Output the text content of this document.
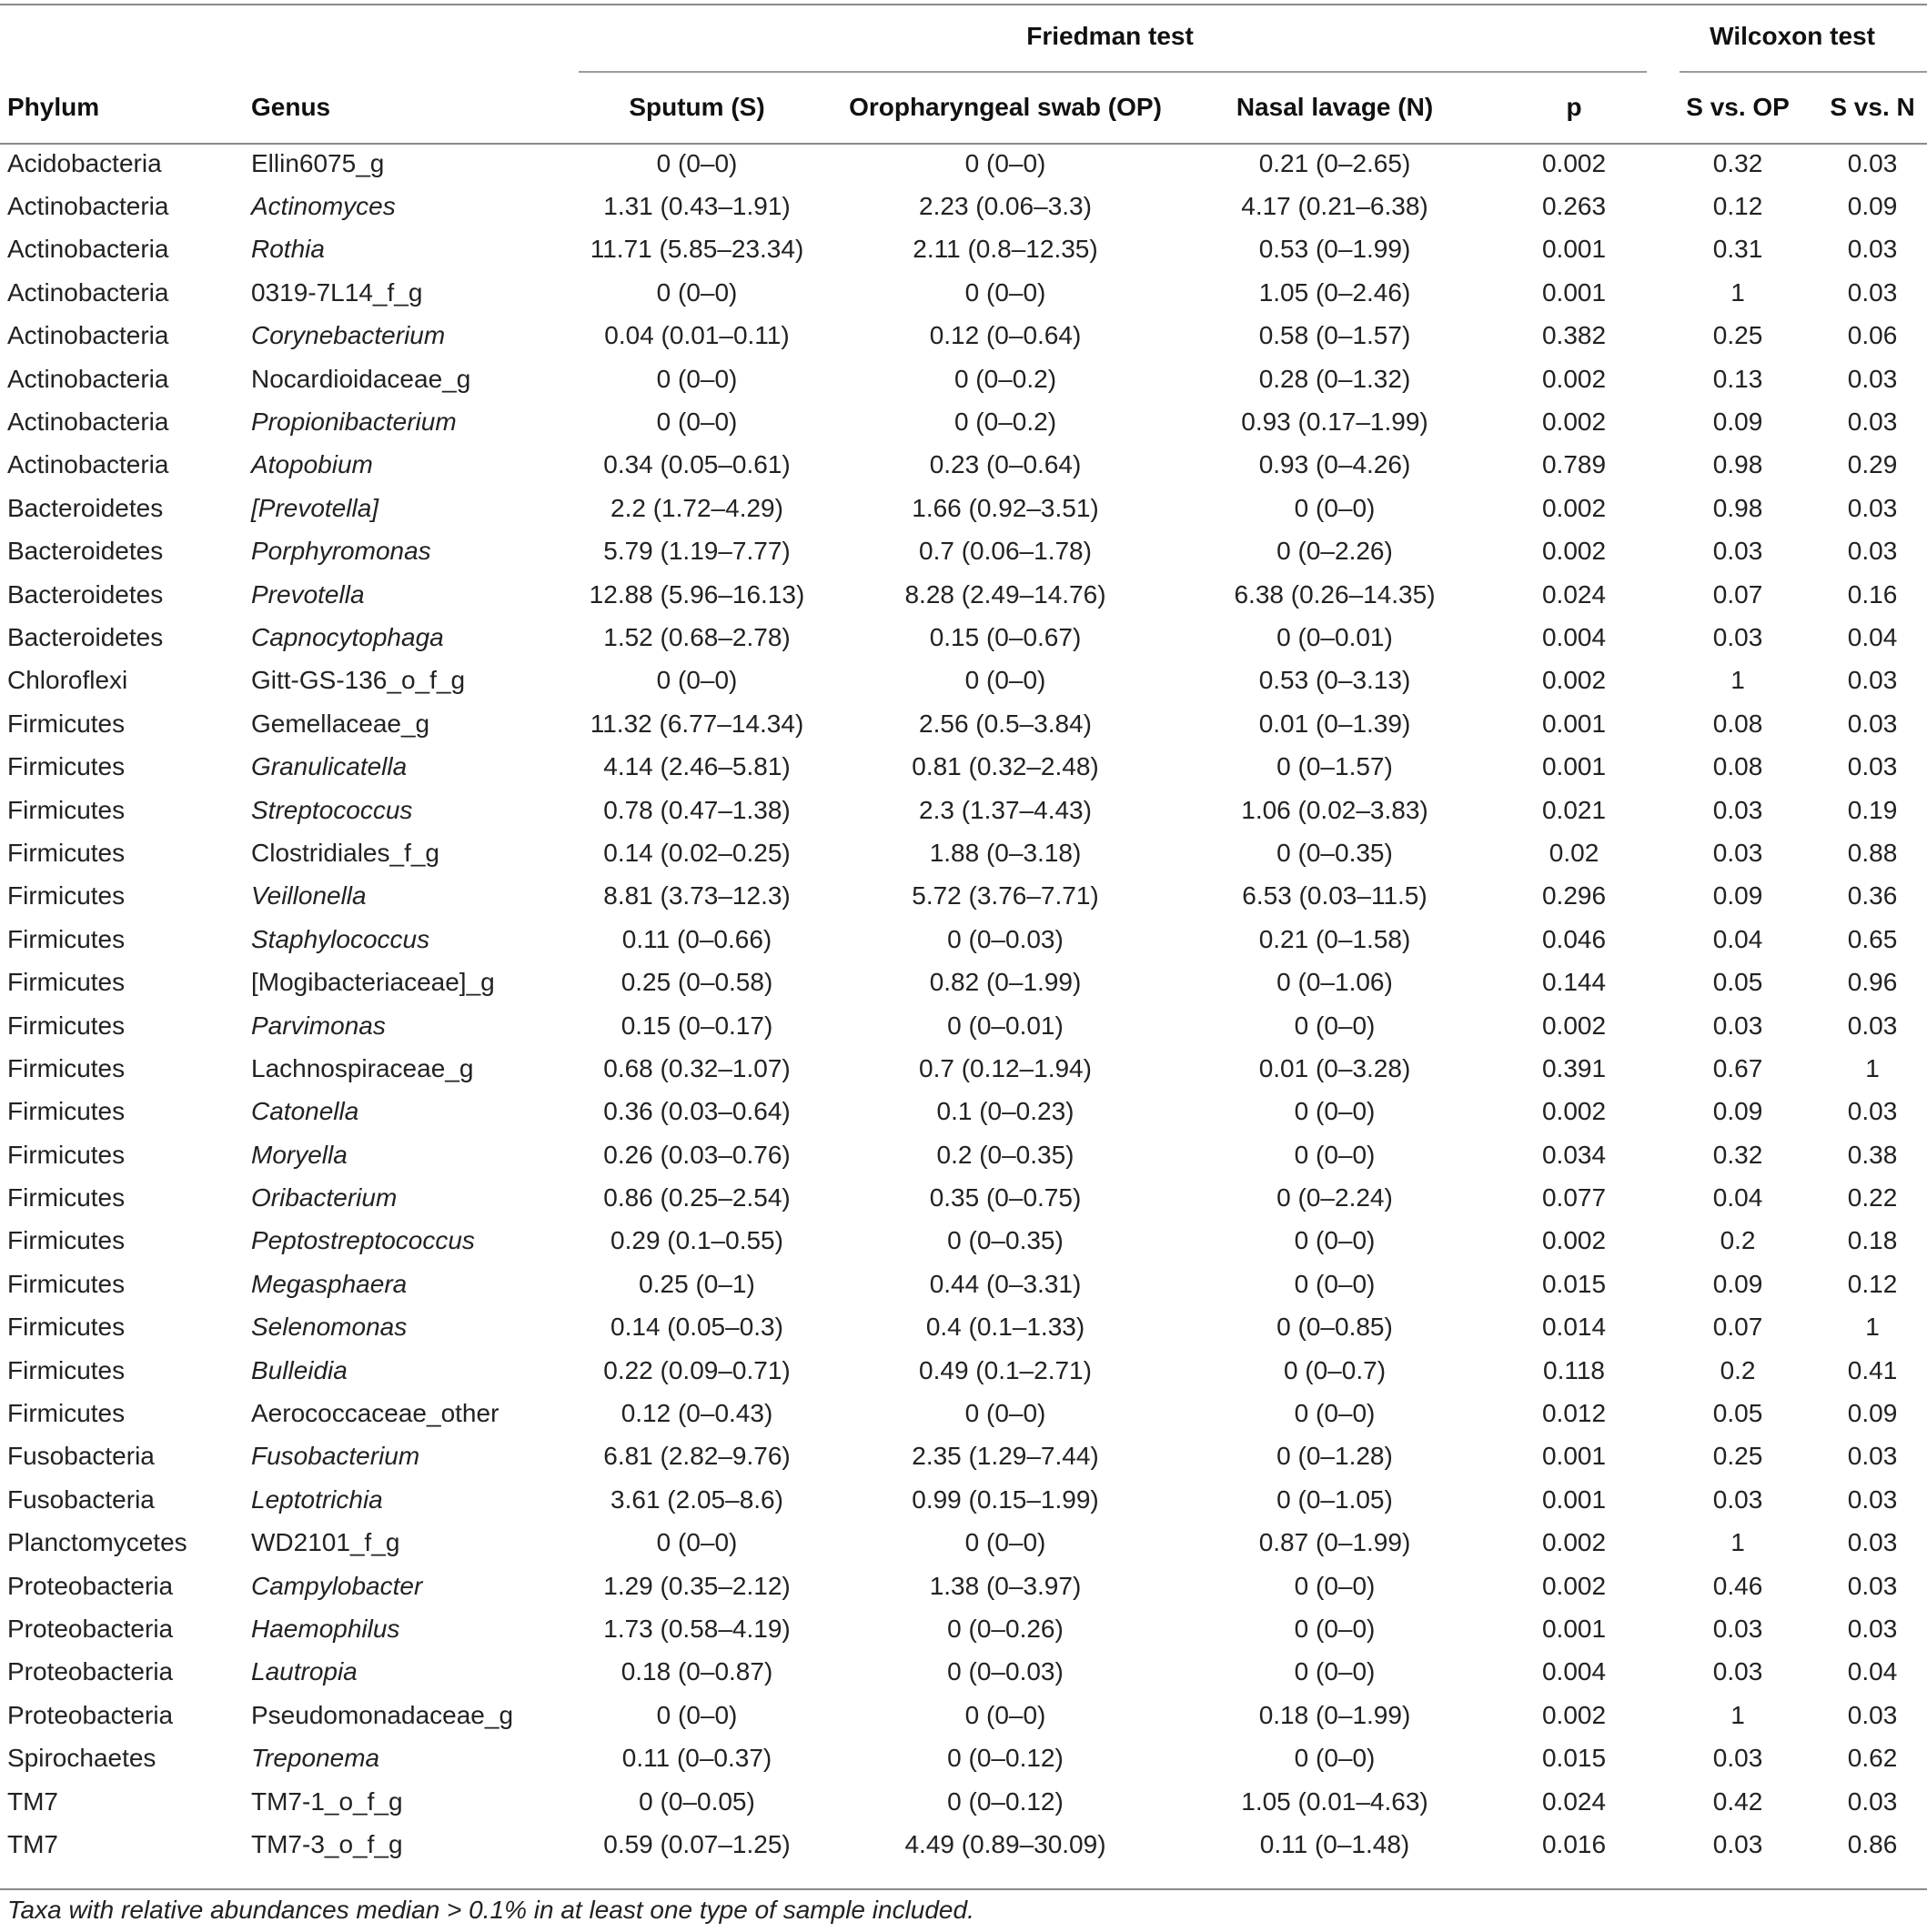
		Friedman test				Wilcoxon test	
Phylum	Genus	Sputum (S)	Oropharyngeal swab (OP)	Nasal lavage (N)	p	S vs. OP	S vs. N
Acidobacteria	Ellin6075_g	0 (0–0)	0 (0–0)	0.21 (0–2.65)	0.002	0.32	0.03
Actinobacteria	Actinomyces	1.31 (0.43–1.91)	2.23 (0.06–3.3)	4.17 (0.21–6.38)	0.263	0.12	0.09
Actinobacteria	Rothia	11.71 (5.85–23.34)	2.11 (0.8–12.35)	0.53 (0–1.99)	0.001	0.31	0.03
Actinobacteria	0319-7L14_f_g	0 (0–0)	0 (0–0)	1.05 (0–2.46)	0.001	1	0.03
Actinobacteria	Corynebacterium	0.04 (0.01–0.11)	0.12 (0–0.64)	0.58 (0–1.57)	0.382	0.25	0.06
Actinobacteria	Nocardioidaceae_g	0 (0–0)	0 (0–0.2)	0.28 (0–1.32)	0.002	0.13	0.03
Actinobacteria	Propionibacterium	0 (0–0)	0 (0–0.2)	0.93 (0.17–1.99)	0.002	0.09	0.03
Actinobacteria	Atopobium	0.34 (0.05–0.61)	0.23 (0–0.64)	0.93 (0–4.26)	0.789	0.98	0.29
Bacteroidetes	[Prevotella]	2.2 (1.72–4.29)	1.66 (0.92–3.51)	0 (0–0)	0.002	0.98	0.03
Bacteroidetes	Porphyromonas	5.79 (1.19–7.77)	0.7 (0.06–1.78)	0 (0–2.26)	0.002	0.03	0.03
Bacteroidetes	Prevotella	12.88 (5.96–16.13)	8.28 (2.49–14.76)	6.38 (0.26–14.35)	0.024	0.07	0.16
Bacteroidetes	Capnocytophaga	1.52 (0.68–2.78)	0.15 (0–0.67)	0 (0–0.01)	0.004	0.03	0.04
Chloroflexi	Gitt-GS-136_o_f_g	0 (0–0)	0 (0–0)	0.53 (0–3.13)	0.002	1	0.03
Firmicutes	Gemellaceae_g	11.32 (6.77–14.34)	2.56 (0.5–3.84)	0.01 (0–1.39)	0.001	0.08	0.03
Firmicutes	Granulicatella	4.14 (2.46–5.81)	0.81 (0.32–2.48)	0 (0–1.57)	0.001	0.08	0.03
Firmicutes	Streptococcus	0.78 (0.47–1.38)	2.3 (1.37–4.43)	1.06 (0.02–3.83)	0.021	0.03	0.19
Firmicutes	Clostridiales_f_g	0.14 (0.02–0.25)	1.88 (0–3.18)	0 (0–0.35)	0.02	0.03	0.88
Firmicutes	Veillonella	8.81 (3.73–12.3)	5.72 (3.76–7.71)	6.53 (0.03–11.5)	0.296	0.09	0.36
Firmicutes	Staphylococcus	0.11 (0–0.66)	0 (0–0.03)	0.21 (0–1.58)	0.046	0.04	0.65
Firmicutes	[Mogibacteriaceae]_g	0.25 (0–0.58)	0.82 (0–1.99)	0 (0–1.06)	0.144	0.05	0.96
Firmicutes	Parvimonas	0.15 (0–0.17)	0 (0–0.01)	0 (0–0)	0.002	0.03	0.03
Firmicutes	Lachnospiraceae_g	0.68 (0.32–1.07)	0.7 (0.12–1.94)	0.01 (0–3.28)	0.391	0.67	1
Firmicutes	Catonella	0.36 (0.03–0.64)	0.1 (0–0.23)	0 (0–0)	0.002	0.09	0.03
Firmicutes	Moryella	0.26 (0.03–0.76)	0.2 (0–0.35)	0 (0–0)	0.034	0.32	0.38
Firmicutes	Oribacterium	0.86 (0.25–2.54)	0.35 (0–0.75)	0 (0–2.24)	0.077	0.04	0.22
Firmicutes	Peptostreptococcus	0.29 (0.1–0.55)	0 (0–0.35)	0 (0–0)	0.002	0.2	0.18
Firmicutes	Megasphaera	0.25 (0–1)	0.44 (0–3.31)	0 (0–0)	0.015	0.09	0.12
Firmicutes	Selenomonas	0.14 (0.05–0.3)	0.4 (0.1–1.33)	0 (0–0.85)	0.014	0.07	1
Firmicutes	Bulleidia	0.22 (0.09–0.71)	0.49 (0.1–2.71)	0 (0–0.7)	0.118	0.2	0.41
Firmicutes	Aerococcaceae_other	0.12 (0–0.43)	0 (0–0)	0 (0–0)	0.012	0.05	0.09
Fusobacteria	Fusobacterium	6.81 (2.82–9.76)	2.35 (1.29–7.44)	0 (0–1.28)	0.001	0.25	0.03
Fusobacteria	Leptotrichia	3.61 (2.05–8.6)	0.99 (0.15–1.99)	0 (0–1.05)	0.001	0.03	0.03
Planctomycetes	WD2101_f_g	0 (0–0)	0 (0–0)	0.87 (0–1.99)	0.002	1	0.03
Proteobacteria	Campylobacter	1.29 (0.35–2.12)	1.38 (0–3.97)	0 (0–0)	0.002	0.46	0.03
Proteobacteria	Haemophilus	1.73 (0.58–4.19)	0 (0–0.26)	0 (0–0)	0.001	0.03	0.03
Proteobacteria	Lautropia	0.18 (0–0.87)	0 (0–0.03)	0 (0–0)	0.004	0.03	0.04
Proteobacteria	Pseudomonadaceae_g	0 (0–0)	0 (0–0)	0.18 (0–1.99)	0.002	1	0.03
Spirochaetes	Treponema	0.11 (0–0.37)	0 (0–0.12)	0 (0–0)	0.015	0.03	0.62
TM7	TM7-1_o_f_g	0 (0–0.05)	0 (0–0.12)	1.05 (0.01–4.63)	0.024	0.42	0.03
TM7	TM7-3_o_f_g	0.59 (0.07–1.25)	4.49 (0.89–30.09)	0.11 (0–1.48)	0.016	0.03	0.86
Taxa with relative abundances median > 0.1% in at least one type of sample included.
